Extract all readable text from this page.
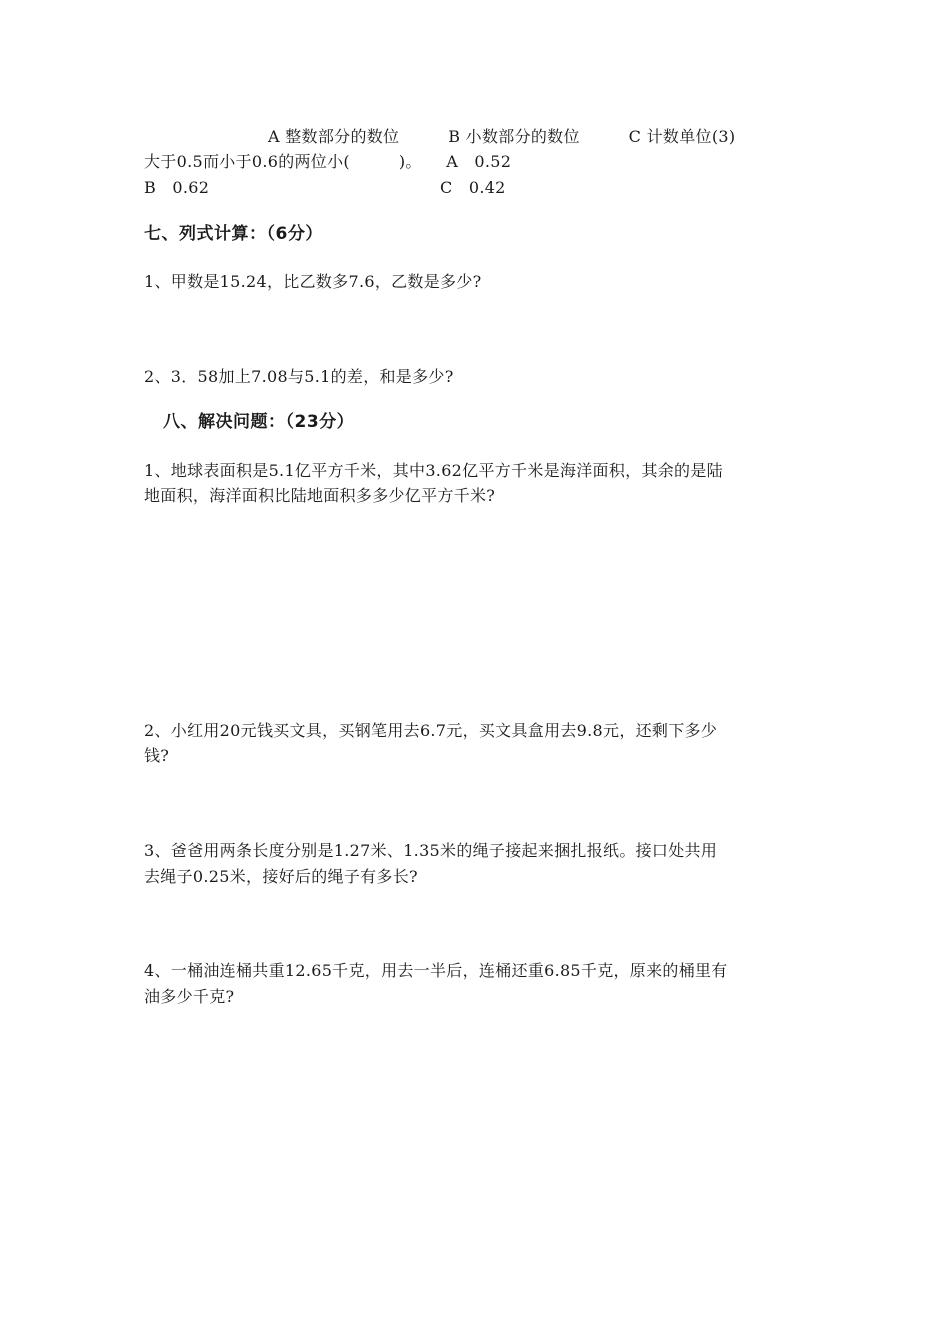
A 整数部分的数位　　　B 小数部分的数位　　　C 计数单位(3)
大于0.5而小于0.6的两位小(　　　)。　　A　0.52
B　0.62	C　0.42
七、列式计算：（6分）
1、甲数是15.24，比乙数多7.6，乙数是多少?
2、3．58加上7.08与5.1的差，和是多少?
八、解决问题：（23分）
1、地球表面积是5.1亿平方千米，其中3.62亿平方千米是海洋面积，其余的是陆
地面积，海洋面积比陆地面积多多少亿平方千米?
2、小红用20元钱买文具，买钢笔用去6.7元，买文具盒用去9.8元，还剩下多少
钱?
3、爸爸用两条长度分别是1.27米、1.35米的绳子接起来捆扎报纸。接口处共用
去绳子0.25米，接好后的绳子有多长?
4、一桶油连桶共重12.65千克，用去一半后，连桶还重6.85千克，原来的桶里有
油多少千克?
